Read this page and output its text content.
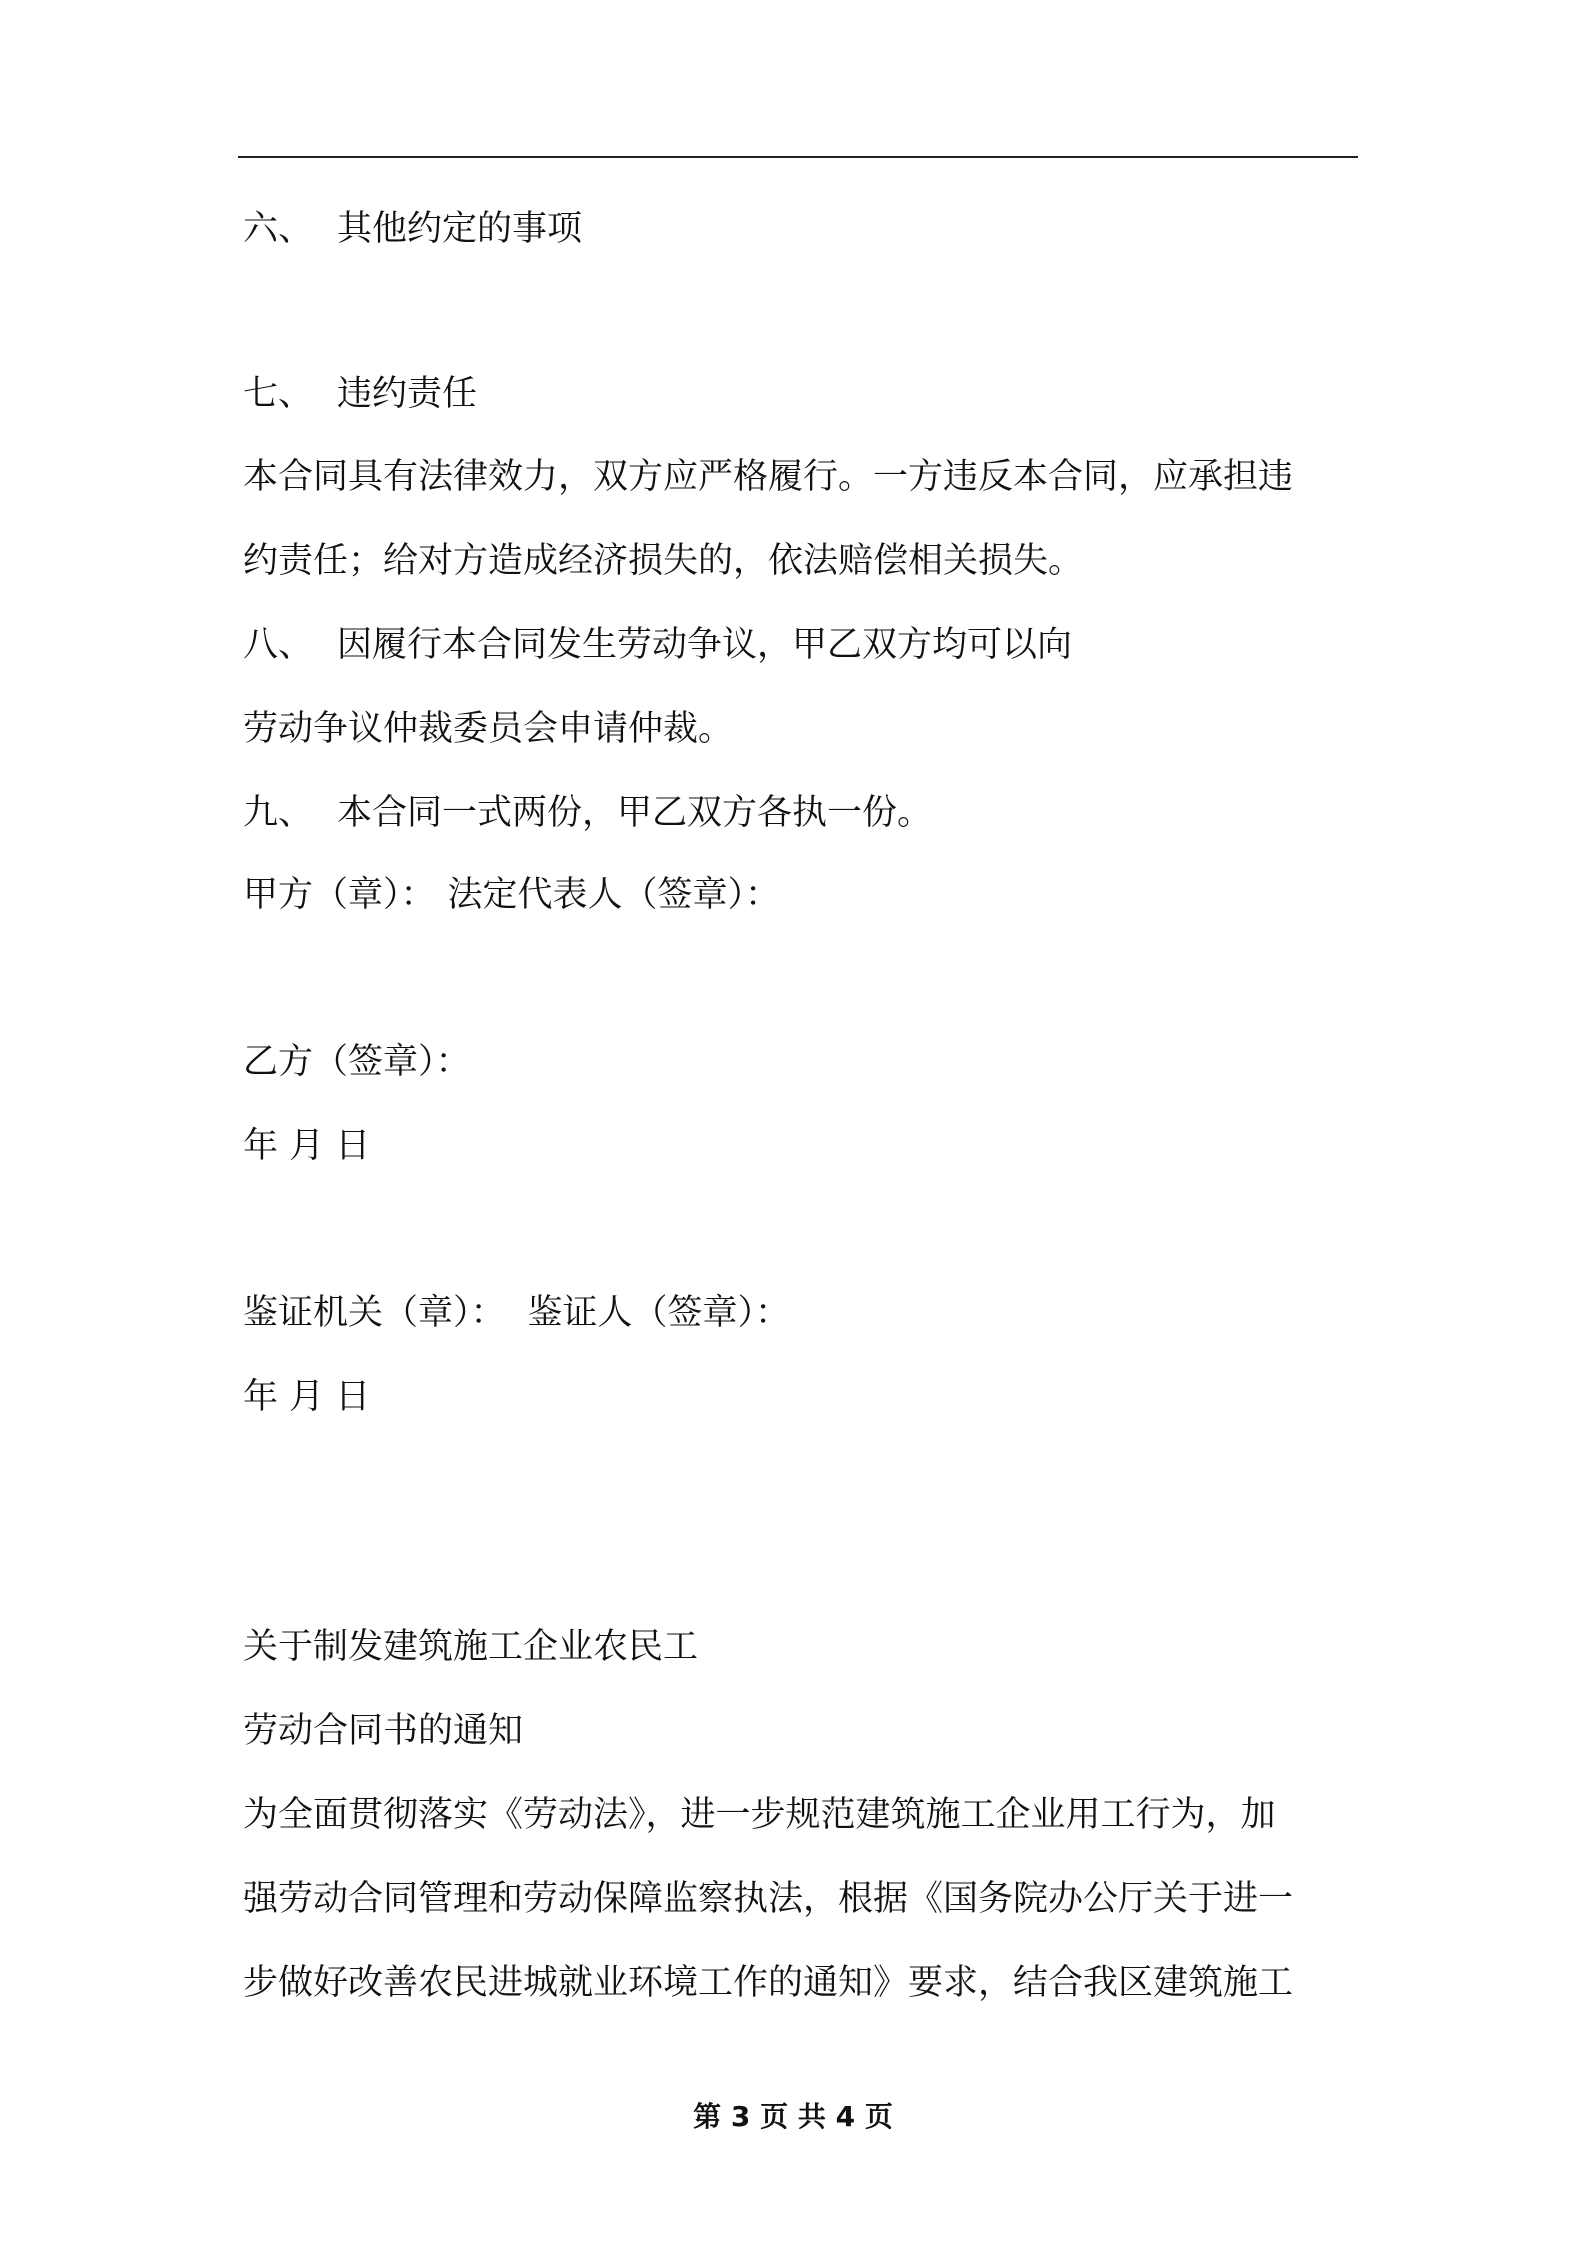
六、 其他约定的事项
七、 违约责任
本合同具有法律效力，双方应严格履行。一方违反本合同，应承担违
约责任；给对方造成经济损失的，依法赔偿相关损失。
八、 因履行本合同发生劳动争议，甲乙双方均可以向
劳动争议仲裁委员会申请仲裁。
九、 本合同一式两份，甲乙双方各执一份。
甲方（章）： 法定代表人（签章）：
乙方（签章）：
年 月 日
鉴证机关（章）： 鉴证人（签章）：
年 月 日
关于制发建筑施工企业农民工
劳动合同书的通知
为全面贯彻落实《劳动法》，进一步规范建筑施工企业用工行为，加
强劳动合同管理和劳动保障监察执法，根据《国务院办公厅关于进一
步做好改善农民进城就业环境工作的通知》要求，结合我区建筑施工
第 3 页 共 4 页
